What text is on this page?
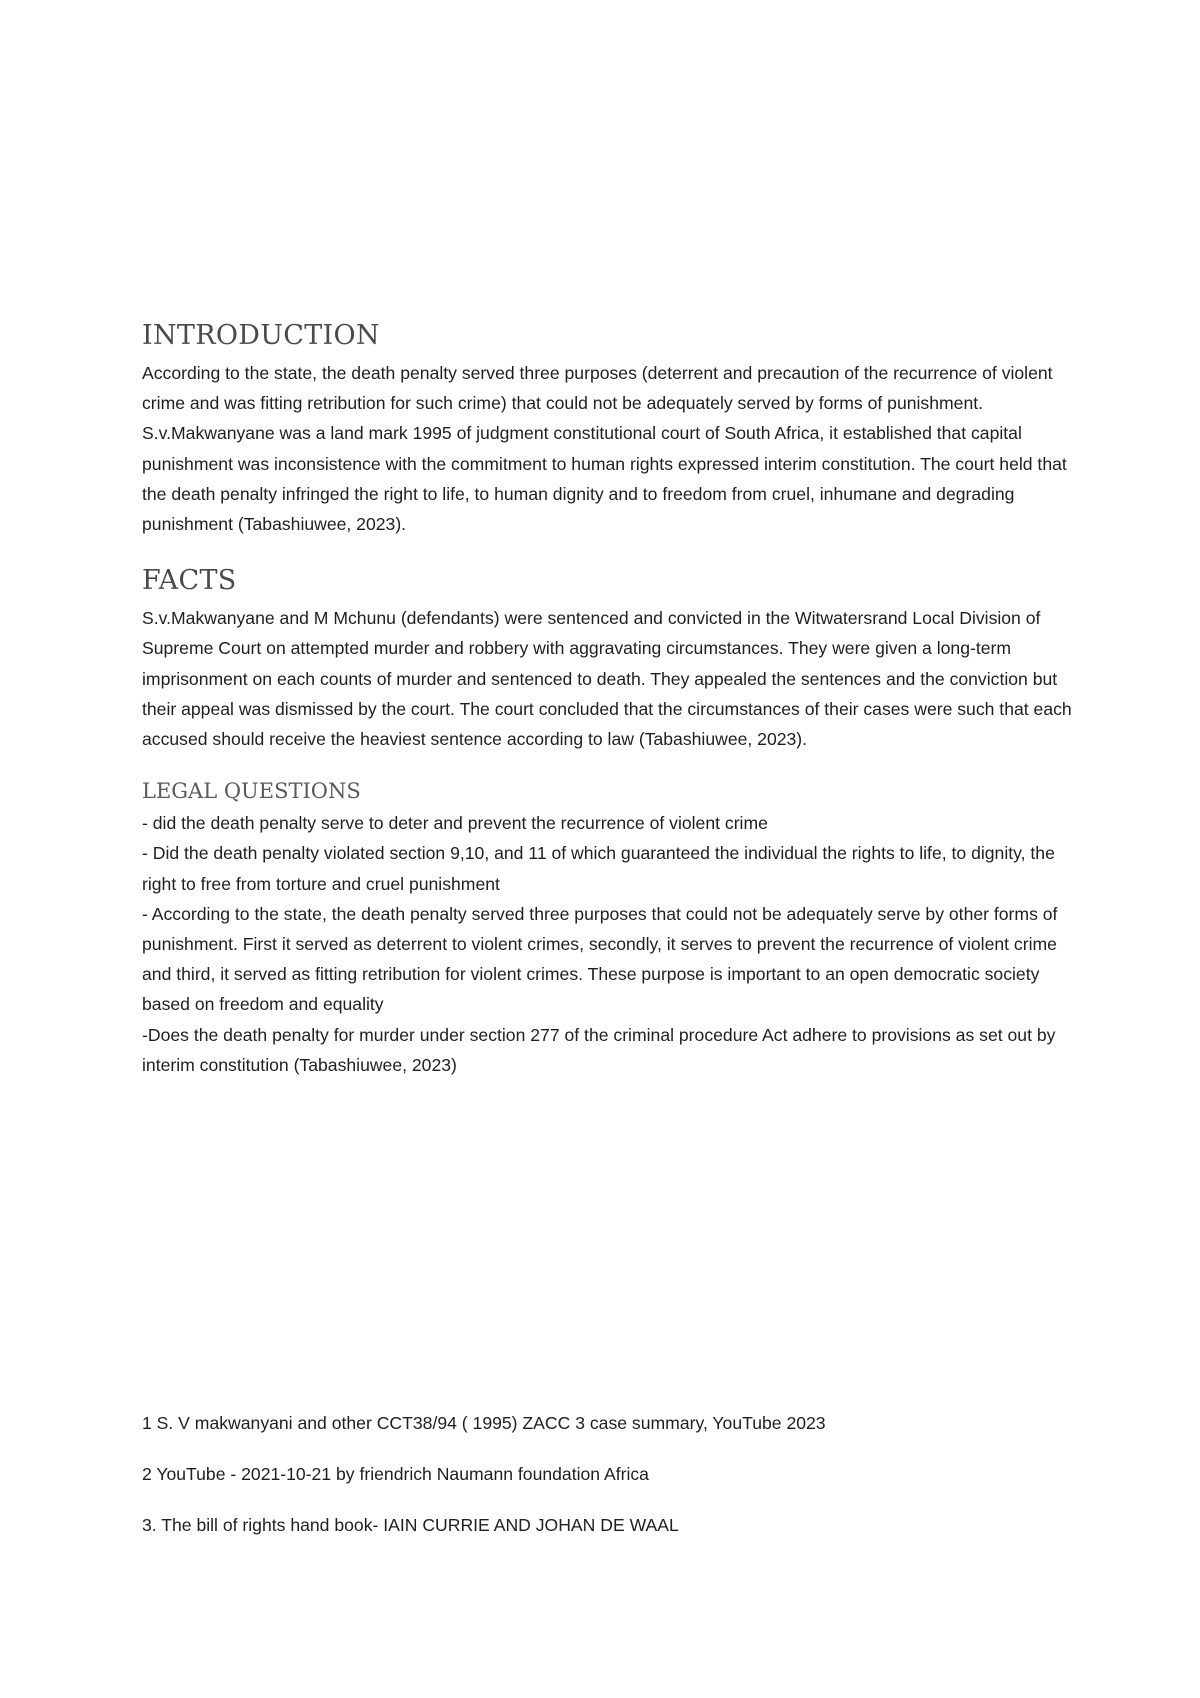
INTRODUCTION

According to the state, the death penalty served three purposes (deterrent and precaution of the recurrence of violent crime and was fitting retribution for such crime) that could not be adequately served by forms of punishment. S.v.Makwanyane was a land mark 1995 of judgment constitutional court of South Africa, it established that capital punishment was inconsistence with the commitment to human rights expressed interim constitution. The court held that the death penalty infringed the right to life, to human dignity and to freedom from cruel, inhumane and degrading punishment (Tabashiuwee, 2023).

FACTS

S.v.Makwanyane and M Mchunu (defendants) were sentenced and convicted in the Witwatersrand Local Division of Supreme Court on attempted murder and robbery with aggravating circumstances. They were given a long-term imprisonment on each counts of murder and sentenced to death. They appealed the sentences and the conviction but their appeal was dismissed by the court. The court concluded that the circumstances of their cases were such that each accused should receive the heaviest sentence according to law (Tabashiuwee, 2023).

LEGAL QUESTIONS

- did the death penalty serve to deter and prevent the recurrence of violent crime

- Did the death penalty violated section 9,10, and 11 of which guaranteed the individual the rights to life, to dignity, the right to free from torture and cruel punishment

- According to the state, the death penalty served three purposes that could not be adequately serve by other forms of punishment. First it served as deterrent to violent crimes, secondly, it serves to prevent the recurrence of violent crime and third, it served as fitting retribution for violent crimes. These purpose is important to an open democratic society based on freedom and equality

-Does the death penalty for murder under section 277 of the criminal procedure Act adhere to provisions as set out by interim constitution (Tabashiuwee, 2023)

1 S. V makwanyani and other CCT38/94 ( 1995) ZACC 3 case summary, YouTube 2023

2 YouTube - 2021-10-21 by friendrich Naumann foundation Africa

3. The bill of rights hand book- IAIN CURRIE AND JOHAN DE WAAL
